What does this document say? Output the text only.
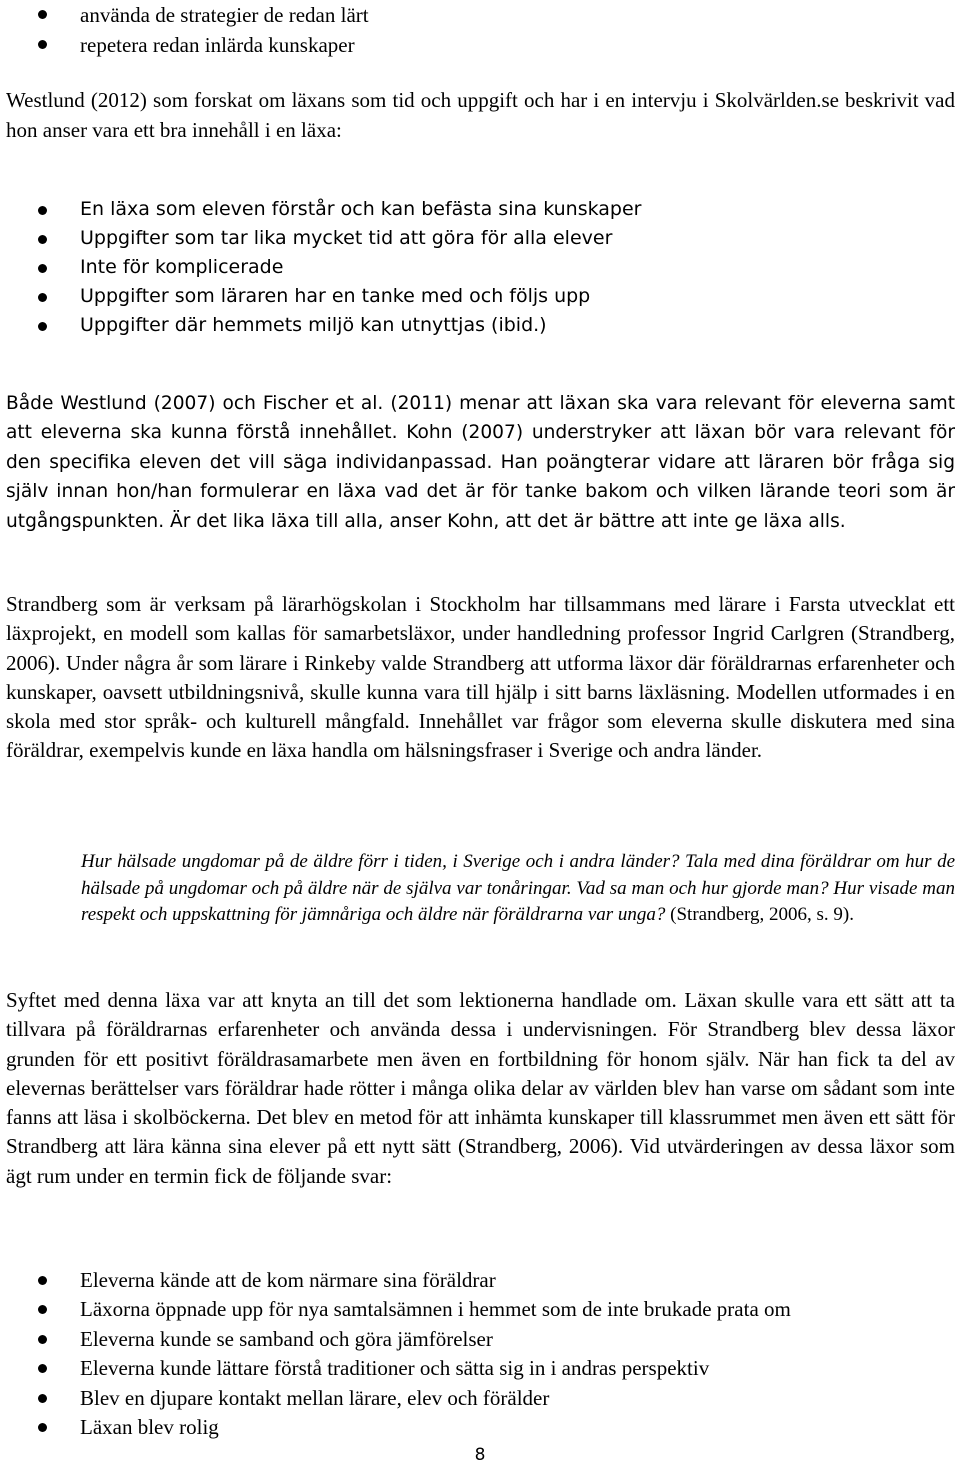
använda de strategier de redan lärt
repetera redan inlärda kunskaper

Westlund (2012) som forskat om läxans som tid och uppgift och har i en intervju i Skolvärlden.se beskrivit vad hon anser vara ett bra innehåll i en läxa:

En läxa som eleven förstår och kan befästa sina kunskaper
Uppgifter som tar lika mycket tid att göra för alla elever
Inte för komplicerade
Uppgifter som läraren har en tanke med och följs upp
Uppgifter där hemmets miljö kan utnyttjas (ibid.)

Både Westlund (2007) och Fischer et al. (2011) menar att läxan ska vara relevant för eleverna samt att eleverna ska kunna förstå innehållet. Kohn (2007) understryker att läxan bör vara relevant för den specifika eleven det vill säga individanpassad. Han poängterar vidare att läraren bör fråga sig själv innan hon/han formulerar en läxa vad det är för tanke bakom och vilken lärande teori som är utgångspunkten. Är det lika läxa till alla, anser Kohn, att det är bättre att inte ge läxa alls.

Strandberg som är verksam på lärarhögskolan i Stockholm har tillsammans med lärare i Farsta utvecklat ett läxprojekt, en modell som kallas för samarbetsläxor, under handledning professor Ingrid Carlgren (Strandberg, 2006). Under några år som lärare i Rinkeby valde Strandberg att utforma läxor där föräldrarnas erfarenheter och kunskaper, oavsett utbildningsnivå, skulle kunna vara till hjälp i sitt barns läxläsning. Modellen utformades i en skola med stor språk- och kulturell mångfald. Innehållet var frågor som eleverna skulle diskutera med sina föräldrar, exempelvis kunde en läxa handla om hälsningsfraser i Sverige och andra länder.

Hur hälsade ungdomar på de äldre förr i tiden, i Sverige och i andra länder? Tala med dina föräldrar om hur de hälsade på ungdomar och på äldre när de själva var tonåringar. Vad sa man och hur gjorde man? Hur visade man respekt och uppskattning för jämnåriga och äldre när föräldrarna var unga? (Strandberg, 2006, s. 9).

Syftet med denna läxa var att knyta an till det som lektionerna handlade om. Läxan skulle vara ett sätt att ta tillvara på föräldrarnas erfarenheter och använda dessa i undervisningen. För Strandberg blev dessa läxor grunden för ett positivt föräldrasamarbete men även en fortbildning för honom själv. När han fick ta del av elevernas berättelser vars föräldrar hade rötter i många olika delar av världen blev han varse om sådant som inte fanns att läsa i skolböckerna. Det blev en metod för att inhämta kunskaper till klassrummet men även ett sätt för Strandberg att lära känna sina elever på ett nytt sätt (Strandberg, 2006). Vid utvärderingen av dessa läxor som ägt rum under en termin fick de följande svar:

Eleverna kände att de kom närmare sina föräldrar
Läxorna öppnade upp för nya samtalsämnen i hemmet som de inte brukade prata om
Eleverna kunde se samband och göra jämförelser
Eleverna kunde lättare förstå traditioner och sätta sig in i andras perspektiv
Blev en djupare kontakt mellan lärare, elev och förälder
Läxan blev rolig
8
